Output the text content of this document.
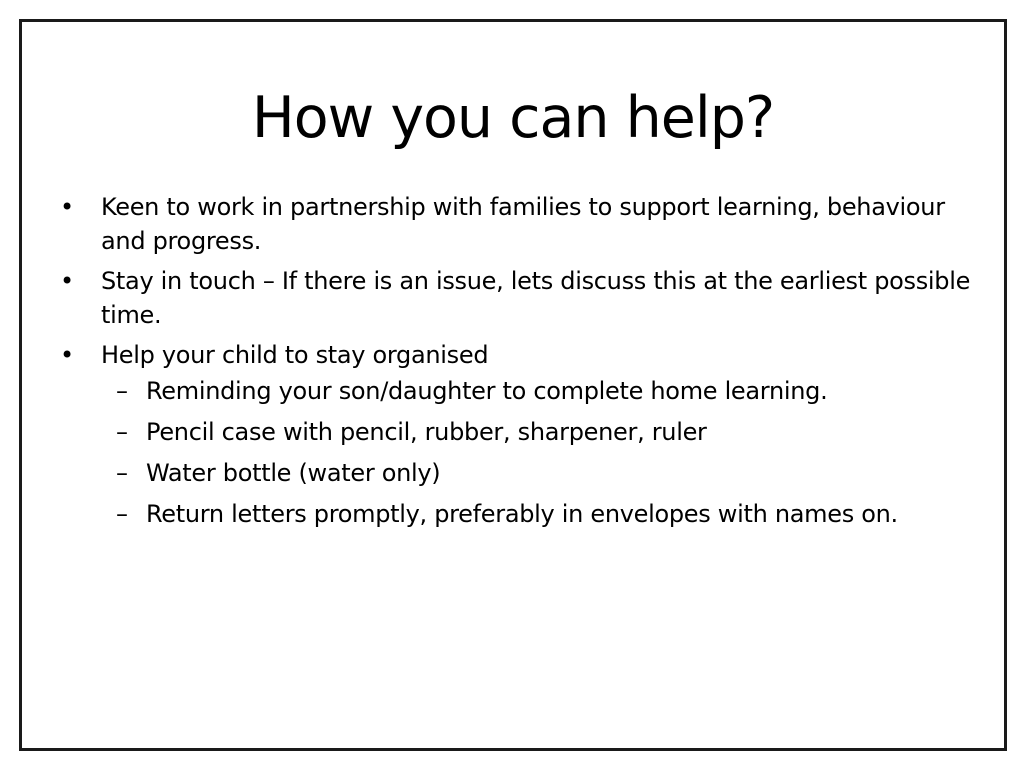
How you can help?
• Keen to work in partnership with families to support learning, behaviour and progress.
• Stay in touch – If there is an issue, lets discuss this at the earliest possible time.
• Help your child to stay organised
– Reminding your son/daughter to complete home learning.
– Pencil case with pencil, rubber, sharpener, ruler
– Water bottle (water only)
– Return letters promptly, preferably in envelopes with names on.
